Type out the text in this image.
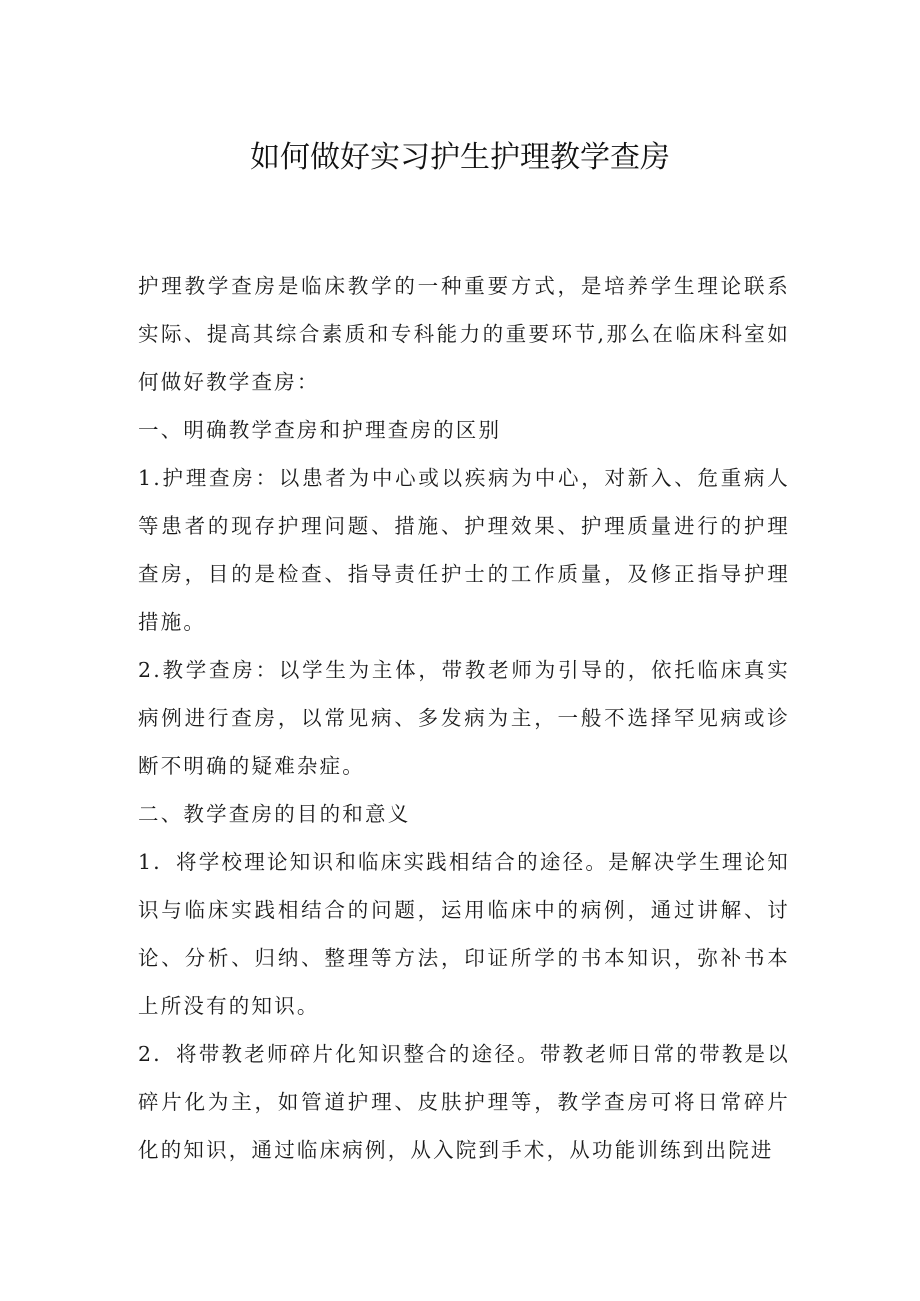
如何做好实习护生护理教学查房

护理教学查房是临床教学的一种重要方式，是培养学生理论联系实际、提高其综合素质和专科能力的重要环节,那么在临床科室如何做好教学查房：

一、明确教学查房和护理查房的区别

1.护理查房：以患者为中心或以疾病为中心，对新入、危重病人等患者的现存护理问题、措施、护理效果、护理质量进行的护理查房，目的是检查、指导责任护士的工作质量，及修正指导护理措施。

2.教学查房：以学生为主体，带教老师为引导的，依托临床真实病例进行查房，以常见病、多发病为主，一般不选择罕见病或诊断不明确的疑难杂症。

二、教学查房的目的和意义

1．将学校理论知识和临床实践相结合的途径。是解决学生理论知识与临床实践相结合的问题，运用临床中的病例，通过讲解、讨论、分析、归纳、整理等方法，印证所学的书本知识，弥补书本上所没有的知识。

2．将带教老师碎片化知识整合的途径。带教老师日常的带教是以碎片化为主，如管道护理、皮肤护理等，教学查房可将日常碎片化的知识，通过临床病例，从入院到手术，从功能训练到出院进
